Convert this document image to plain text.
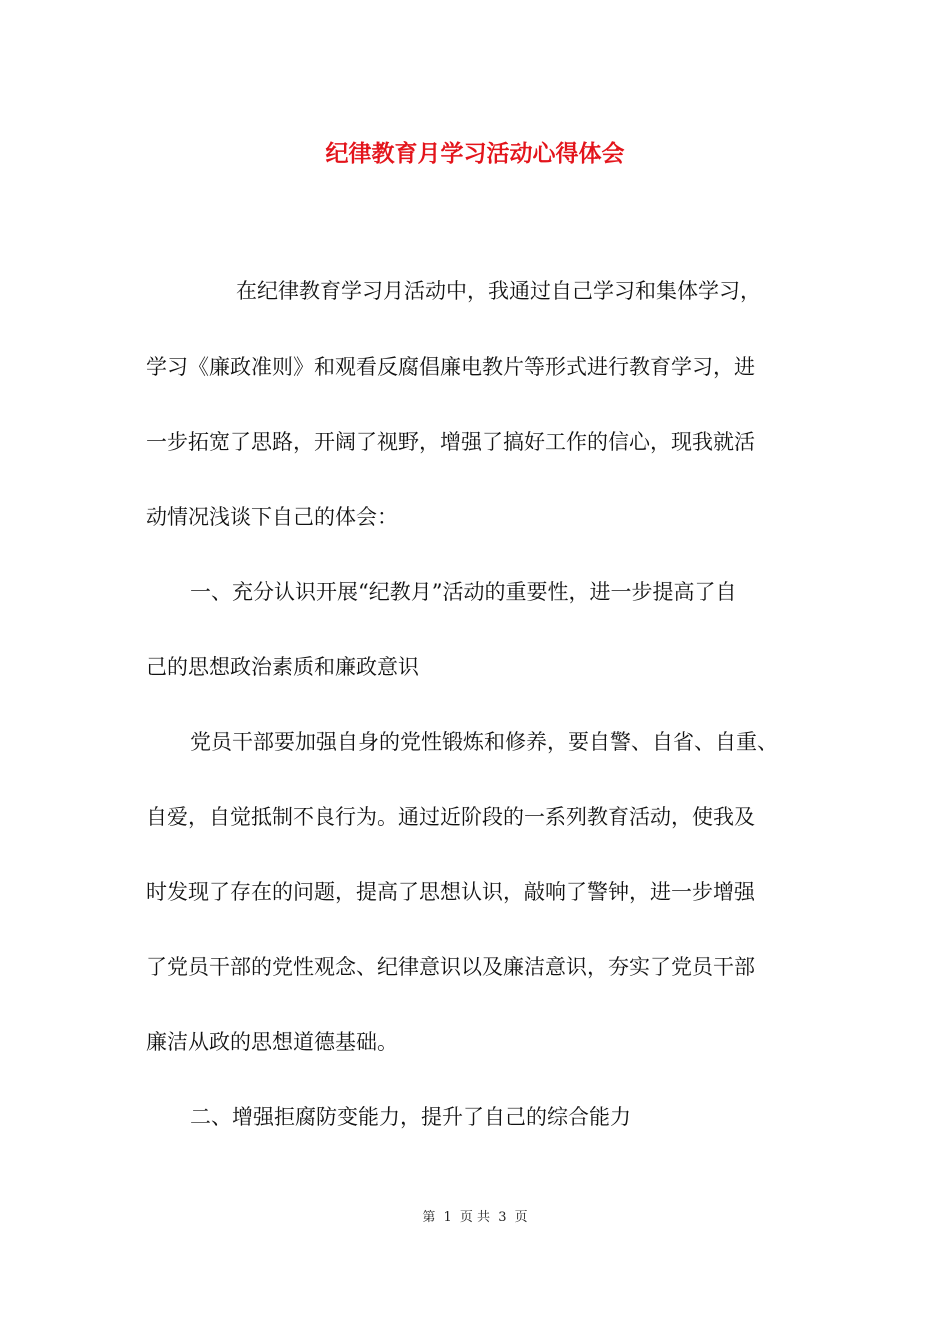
纪律教育月学习活动心得体会

在纪律教育学习月活动中，我通过自己学习和集体学习，

学习《廉政准则》和观看反腐倡廉电教片等形式进行教育学习，进

一步拓宽了思路，开阔了视野，增强了搞好工作的信心，现我就活

动情况浅谈下自己的体会：

一、充分认识开展“纪教月”活动的重要性，进一步提高了自

己的思想政治素质和廉政意识

党员干部要加强自身的党性锻炼和修养，要自警、自省、自重、

自爱，自觉抵制不良行为。通过近阶段的一系列教育活动，使我及

时发现了存在的问题，提高了思想认识，敲响了警钟，进一步增强

了党员干部的党性观念、纪律意识以及廉洁意识，夯实了党员干部

廉洁从政的思想道德基础。

二、增强拒腐防变能力，提升了自己的综合能力

第 1 页 共 3 页
